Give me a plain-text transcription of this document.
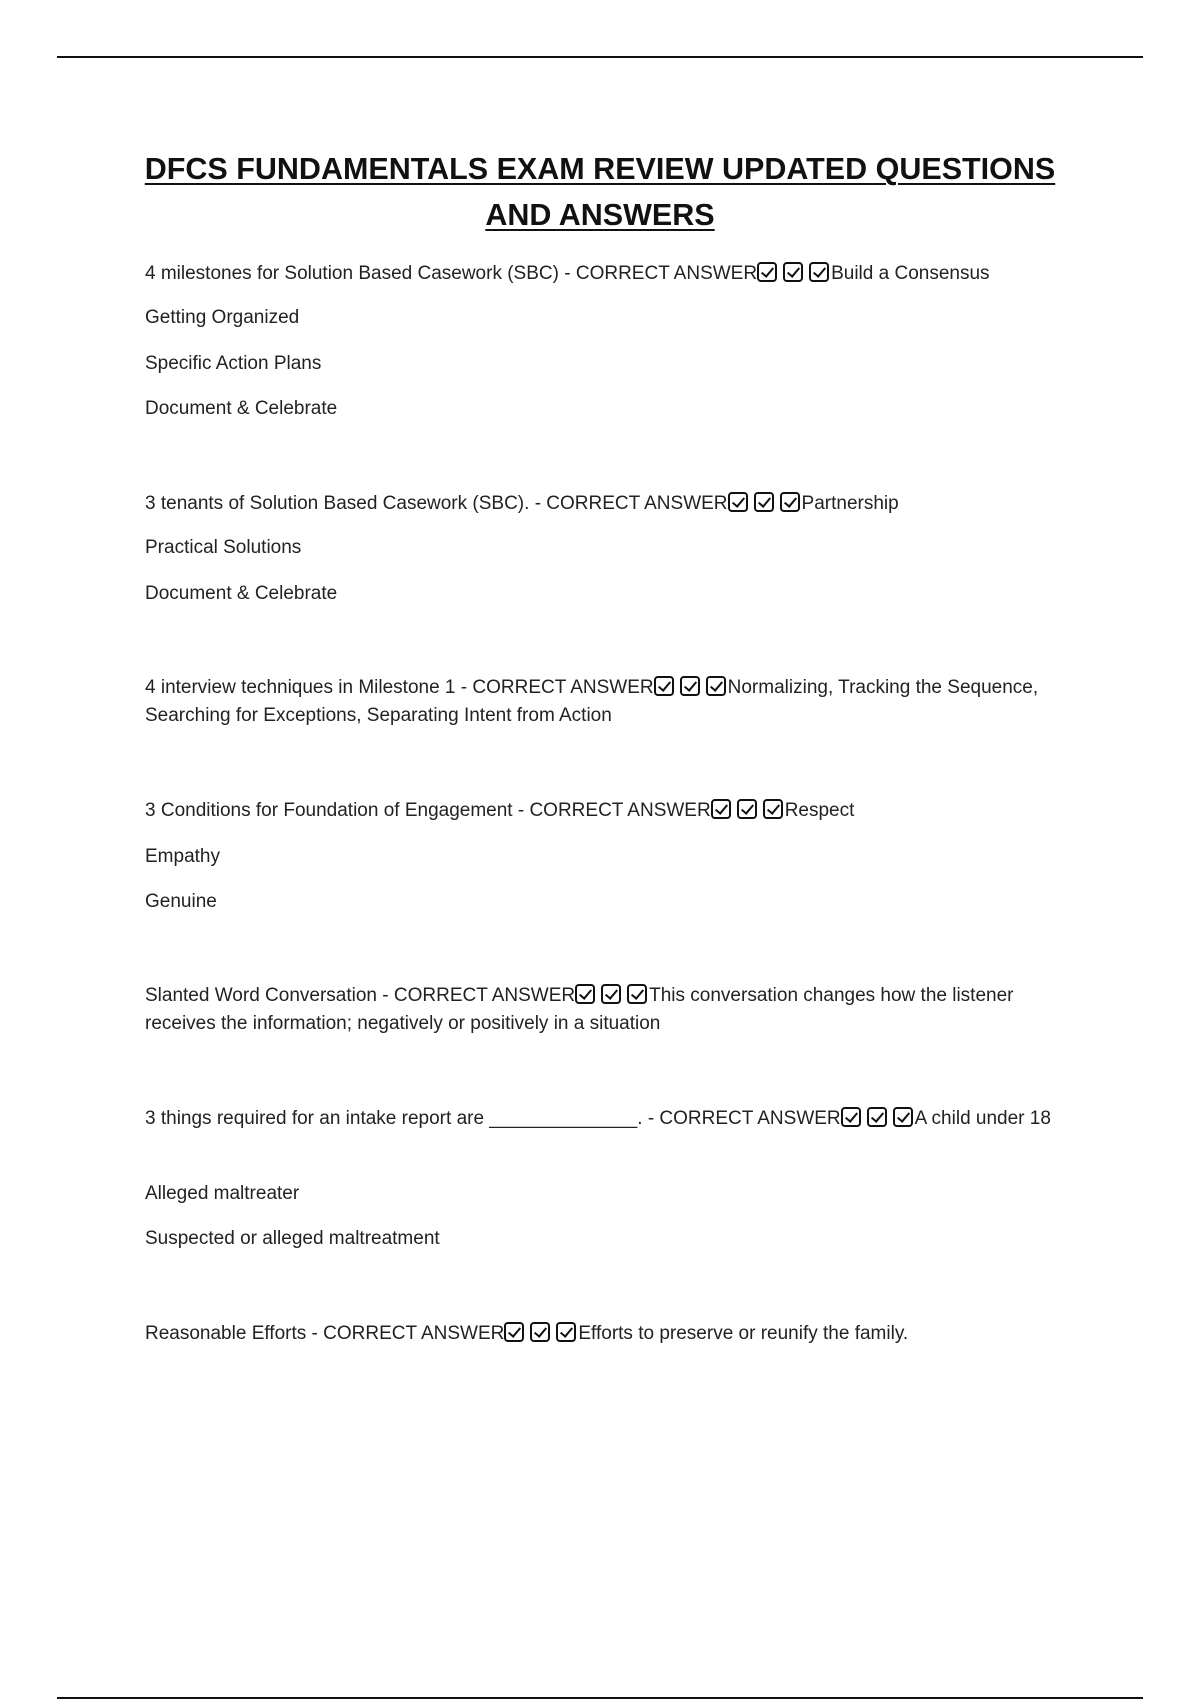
DFCS FUNDAMENTALS EXAM REVIEW UPDATED QUESTIONS
AND ANSWERS
4 milestones for Solution Based Casework (SBC) - CORRECT ANSWER	Build a Consensus
Getting Organized
Specific Action Plans
Document & Celebrate
3 tenants of Solution Based Casework (SBC). - CORRECT ANSWER	Partnership
Practical Solutions
Document & Celebrate
4 interview techniques in Milestone 1 - CORRECT ANSWER	Normalizing, Tracking the Sequence, Searching for Exceptions, Separating Intent from Action
3 Conditions for Foundation of Engagement - CORRECT ANSWER	Respect
Empathy
Genuine
Slanted Word Conversation - CORRECT ANSWER	This conversation changes how the listener receives the information; negatively or positively in a situation
3 things required for an intake report are ______________. - CORRECT ANSWER	A child under 18
Alleged maltreater
Suspected or alleged maltreatment
Reasonable Efforts - CORRECT ANSWER	Efforts to preserve or reunify the family.
